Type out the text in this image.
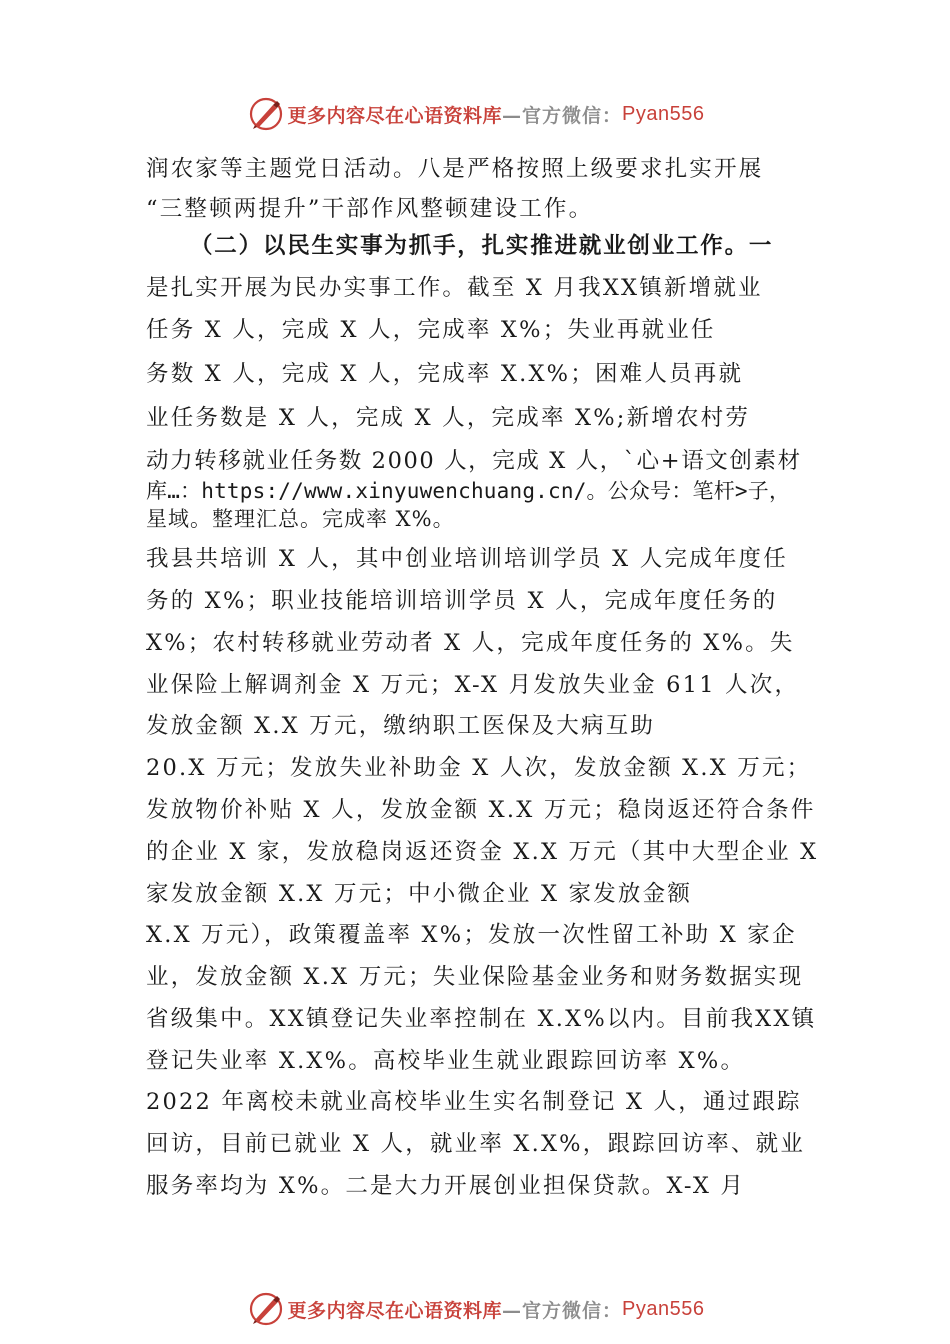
更多内容尽在心语资料库 —官方微信： Pyan556
润农家等主题党日活动。八是严格按照上级要求扎实开展
“三整顿两提升”干部作风整顿建设工作。
（二）以民生实事为抓手，扎实推进就业创业工作。一
是扎实开展为民办实事工作。截至 X 月我XX镇新增就业
任务 X 人，完成 X 人，完成率 X%；失业再就业任
务数 X 人，完成 X 人，完成率 X.X%；困难人员再就
业任务数是 X 人，完成 X 人，完成率 X%;新增农村劳
动力转移就业任务数 2000 人，完成 X 人，`心+语文创素材
库…：https://www.xinyuwenchuang.cn/。公众号：笔杆>子，
星域。整理汇总。完成率 X%。
我县共培训 X 人，其中创业培训培训学员 X 人完成年度任
务的 X%；职业技能培训培训学员 X 人，完成年度任务的
X%；农村转移就业劳动者 X 人，完成年度任务的 X%。失
业保险上解调剂金 X 万元；X-X 月发放失业金 611 人次，
发放金额 X.X 万元，缴纳职工医保及大病互助
20.X 万元；发放失业补助金 X 人次，发放金额 X.X 万元；
发放物价补贴 X 人，发放金额 X.X 万元；稳岗返还符合条件
的企业 X 家，发放稳岗返还资金 X.X 万元（其中大型企业 X
家发放金额 X.X 万元；中小微企业 X 家发放金额
X.X 万元），政策覆盖率 X%；发放一次性留工补助 X 家企
业，发放金额 X.X 万元；失业保险基金业务和财务数据实现
省级集中。XX镇登记失业率控制在 X.X%以内。目前我XX镇
登记失业率 X.X%。高校毕业生就业跟踪回访率 X%。
2022 年离校未就业高校毕业生实名制登记 X 人，通过跟踪
回访，目前已就业 X 人，就业率 X.X%，跟踪回访率、就业
服务率均为 X%。二是大力开展创业担保贷款。X-X 月
更多内容尽在心语资料库 —官方微信： Pyan556
